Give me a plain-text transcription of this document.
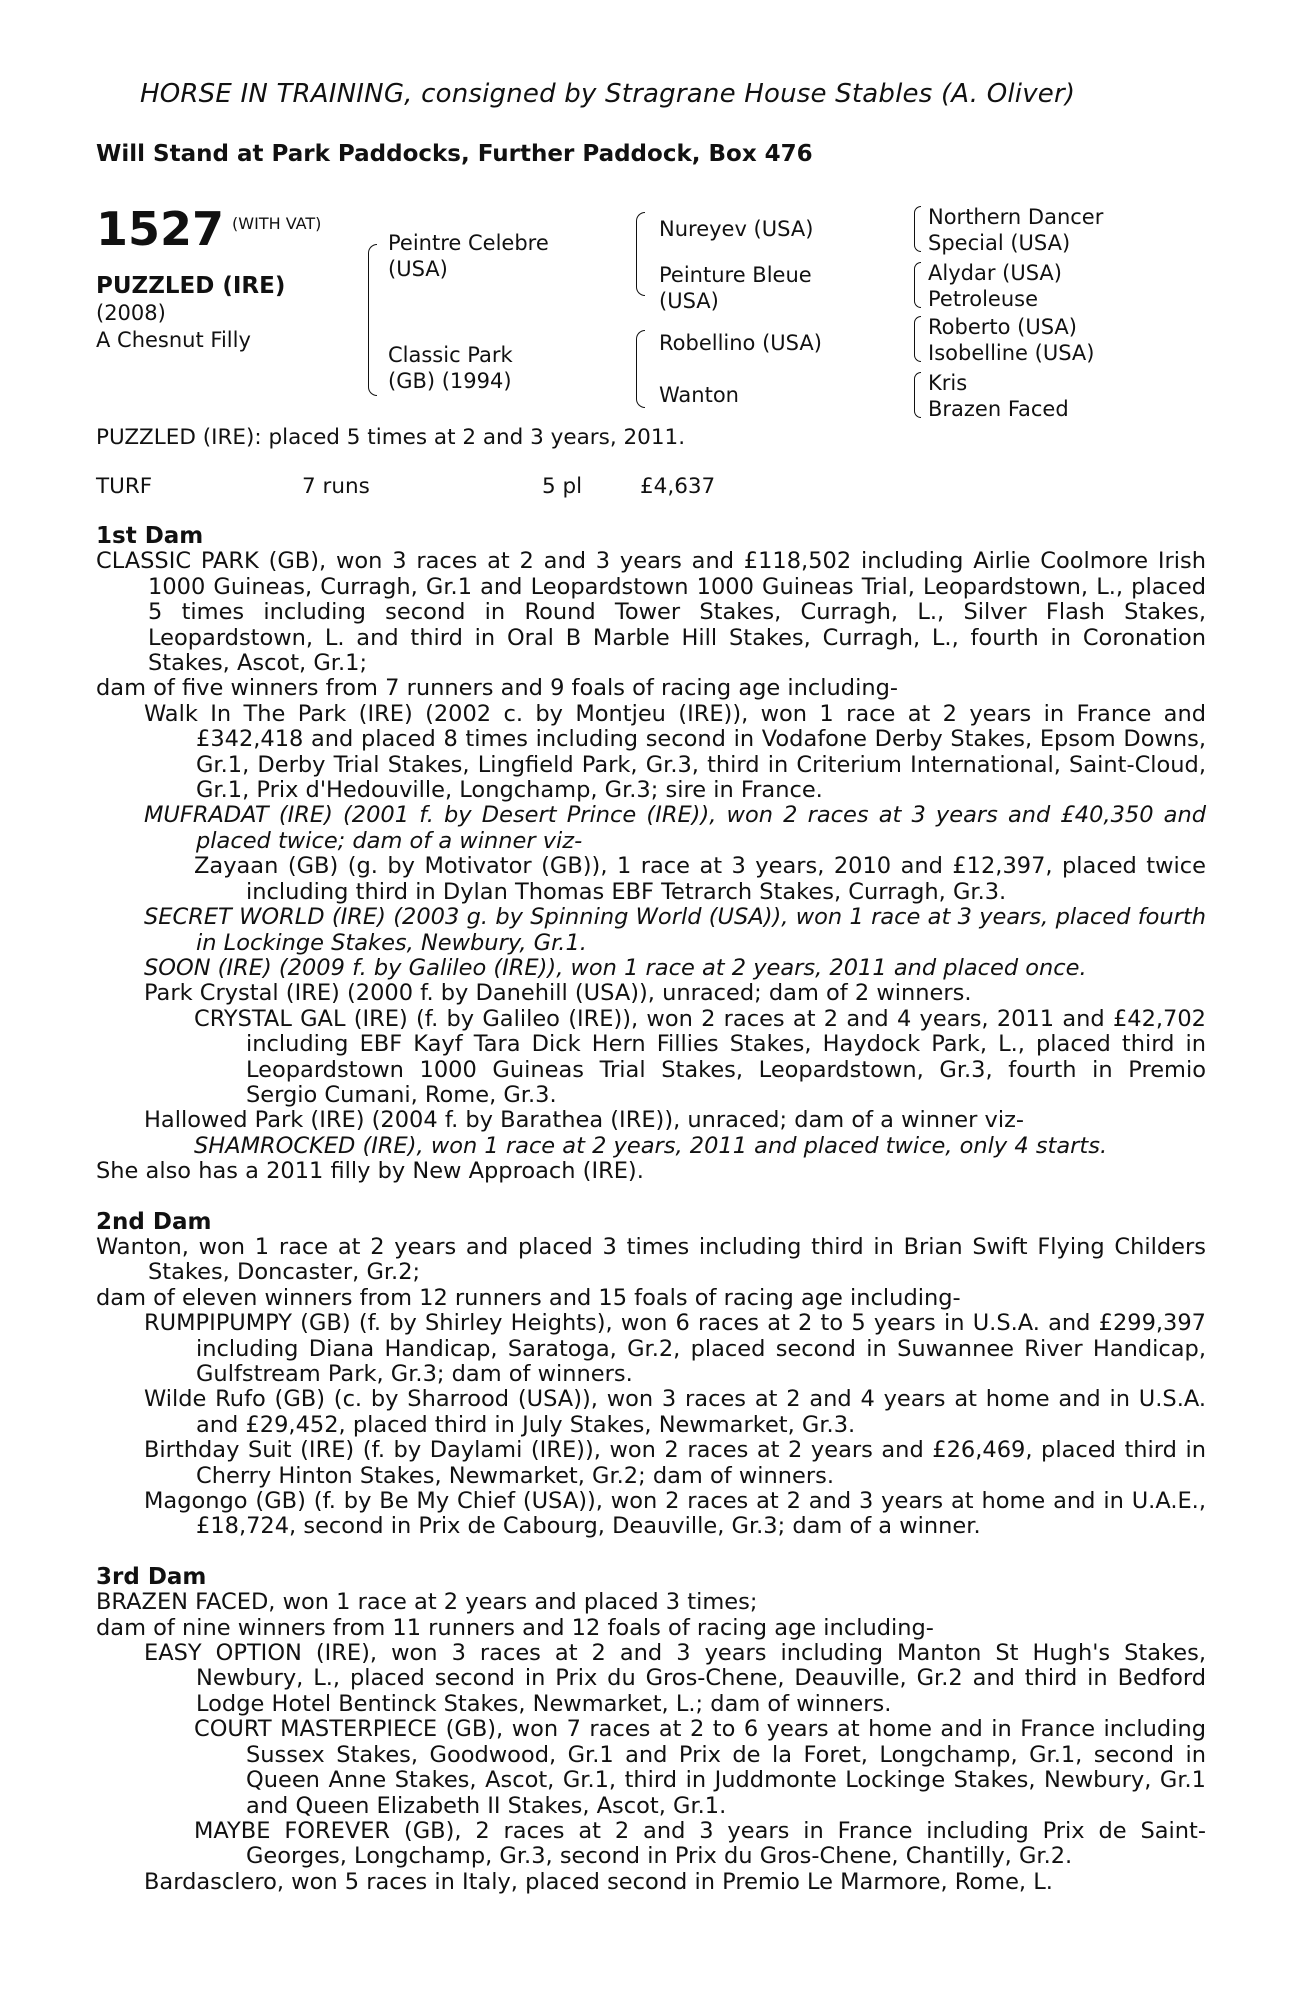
HORSE IN TRAINING, consigned by Stragrane House Stables (A. Oliver)
Will Stand at Park Paddocks, Further Paddock, Box 476
1527 $^{(WITH VAT)}$
PUZZLED (IRE)
(2008)
A Chesnut Filly
Peintre Celebre (USA)
Classic Park (GB) (1994)
Nureyev (USA)
Peinture Bleue (USA)
Robellino (USA)
Wanton
Northern Dancer
Special (USA)
Alydar (USA)
Petroleuse
Roberto (USA)
Isobelline (USA)
Kris
Brazen Faced
PUZZLED (IRE): placed 5 times at 2 and 3 years, 2011.
TURF	7 runs	5 pl	£4,637
1st Dam

CLASSIC PARK (GB), won 3 races at 2 and 3 years and £118,502 including Airlie Coolmore Irish 1000 Guineas, Curragh, Gr.1 and Leopardstown 1000 Guineas Trial, Leopardstown, L., placed 5 times including second in Round Tower Stakes, Curragh, L., Silver Flash Stakes, Leopardstown, L. and third in Oral B Marble Hill Stakes, Curragh, L., fourth in Coronation Stakes, Ascot, Gr.1;

dam of five winners from 7 runners and 9 foals of racing age including-

Walk In The Park (IRE) (2002 c. by Montjeu (IRE)), won 1 race at 2 years in France and £342,418 and placed 8 times including second in Vodafone Derby Stakes, Epsom Downs, Gr.1, Derby Trial Stakes, Lingfield Park, Gr.3, third in Criterium International, Saint-Cloud, Gr.1, Prix d'Hedouville, Longchamp, Gr.3; sire in France.

MUFRADAT (IRE) (2001 f. by Desert Prince (IRE)), won 2 races at 3 years and £40,350 and placed twice; dam of a winner viz-

Zayaan (GB) (g. by Motivator (GB)), 1 race at 3 years, 2010 and £12,397, placed twice including third in Dylan Thomas EBF Tetrarch Stakes, Curragh, Gr.3.

SECRET WORLD (IRE) (2003 g. by Spinning World (USA)), won 1 race at 3 years, placed fourth in Lockinge Stakes, Newbury, Gr.1.

SOON (IRE) (2009 f. by Galileo (IRE)), won 1 race at 2 years, 2011 and placed once.

Park Crystal (IRE) (2000 f. by Danehill (USA)), unraced; dam of 2 winners.

CRYSTAL GAL (IRE) (f. by Galileo (IRE)), won 2 races at 2 and 4 years, 2011 and £42,702 including EBF Kayf Tara Dick Hern Fillies Stakes, Haydock Park, L., placed third in Leopardstown 1000 Guineas Trial Stakes, Leopardstown, Gr.3, fourth in Premio Sergio Cumani, Rome, Gr.3.

Hallowed Park (IRE) (2004 f. by Barathea (IRE)), unraced; dam of a winner viz-

SHAMROCKED (IRE), won 1 race at 2 years, 2011 and placed twice, only 4 starts.

She also has a 2011 filly by New Approach (IRE).

2nd Dam

Wanton, won 1 race at 2 years and placed 3 times including third in Brian Swift Flying Childers Stakes, Doncaster, Gr.2;

dam of eleven winners from 12 runners and 15 foals of racing age including-

RUMPIPUMPY (GB) (f. by Shirley Heights), won 6 races at 2 to 5 years in U.S.A. and £299,397 including Diana Handicap, Saratoga, Gr.2, placed second in Suwannee River Handicap, Gulfstream Park, Gr.3; dam of winners.

Wilde Rufo (GB) (c. by Sharrood (USA)), won 3 races at 2 and 4 years at home and in U.S.A. and £29,452, placed third in July Stakes, Newmarket, Gr.3.

Birthday Suit (IRE) (f. by Daylami (IRE)), won 2 races at 2 years and £26,469, placed third in Cherry Hinton Stakes, Newmarket, Gr.2; dam of winners.

Magongo (GB) (f. by Be My Chief (USA)), won 2 races at 2 and 3 years at home and in U.A.E., £18,724, second in Prix de Cabourg, Deauville, Gr.3; dam of a winner.

3rd Dam

BRAZEN FACED, won 1 race at 2 years and placed 3 times;

dam of nine winners from 11 runners and 12 foals of racing age including-

EASY OPTION (IRE), won 3 races at 2 and 3 years including Manton St Hugh's Stakes, Newbury, L., placed second in Prix du Gros-Chene, Deauville, Gr.2 and third in Bedford Lodge Hotel Bentinck Stakes, Newmarket, L.; dam of winners.

COURT MASTERPIECE (GB), won 7 races at 2 to 6 years at home and in France including Sussex Stakes, Goodwood, Gr.1 and Prix de la Foret, Longchamp, Gr.1, second in Queen Anne Stakes, Ascot, Gr.1, third in Juddmonte Lockinge Stakes, Newbury, Gr.1 and Queen Elizabeth II Stakes, Ascot, Gr.1.

MAYBE FOREVER (GB), 2 races at 2 and 3 years in France including Prix de Saint-Georges, Longchamp, Gr.3, second in Prix du Gros-Chene, Chantilly, Gr.2.

Bardasclero, won 5 races in Italy, placed second in Premio Le Marmore, Rome, L.
